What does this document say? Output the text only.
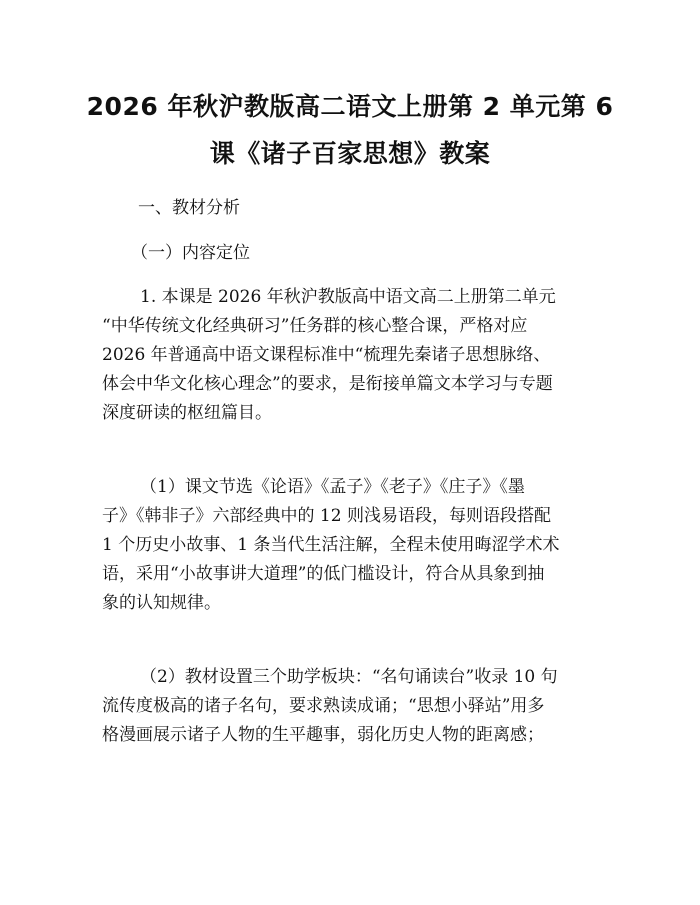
2026 年秋沪教版高二语文上册第 2 单元第 6
课《诸子百家思想》教案
一、教材分析
（一）内容定位
1. 本课是 2026 年秋沪教版高中语文高二上册第二单元
“中华传统文化经典研习”任务群的核心整合课，严格对应
2026 年普通高中语文课程标准中“梳理先秦诸子思想脉络、
体会中华文化核心理念”的要求，是衔接单篇文本学习与专题
深度研读的枢纽篇目。
（1）课文节选《论语》《孟子》《老子》《庄子》《墨
子》《韩非子》六部经典中的 12 则浅易语段，每则语段搭配
1 个历史小故事、1 条当代生活注解，全程未使用晦涩学术术
语，采用“小故事讲大道理”的低门槛设计，符合从具象到抽
象的认知规律。
（2）教材设置三个助学板块：“名句诵读台”收录 10 句
流传度极高的诸子名句，要求熟读成诵；“思想小驿站”用多
格漫画展示诸子人物的生平趣事，弱化历史人物的距离感；
